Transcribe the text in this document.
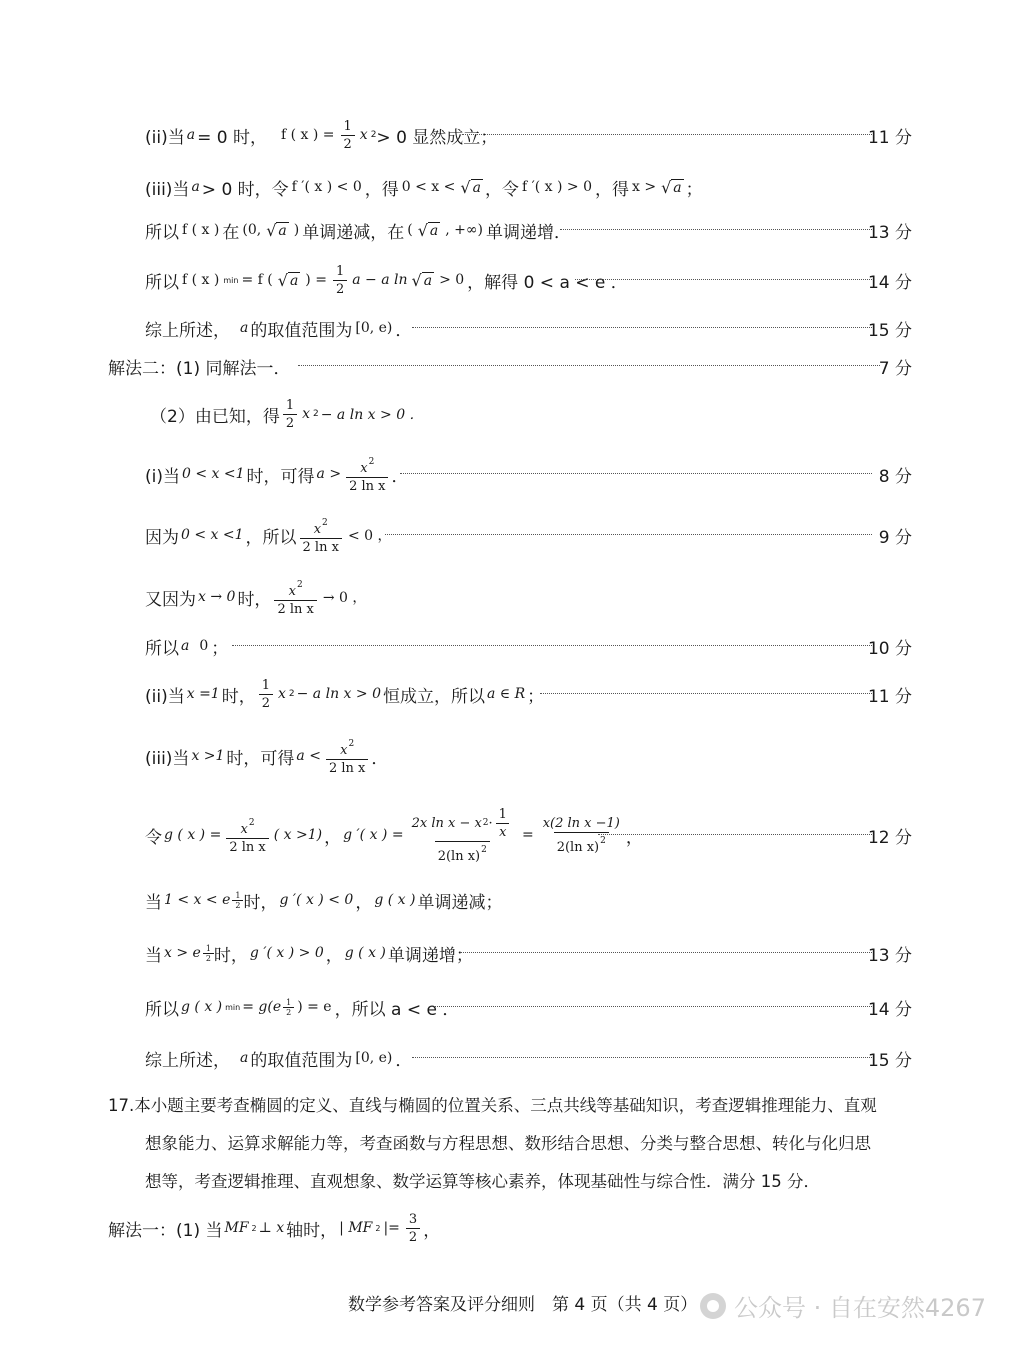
(ii)当 a = 0 时， f ( x ) = $\frac{1}{2}$ x 2 > 0 显然成立；	11 分
(iii)当 a > 0 时，令 f ′( x ) < 0 ，得 0 < x < √ a ，令 f ′( x ) > 0 ，得 x > √ a ；
所以 f ( x ) 在 (0, √ a ) 单调递减，在 ( √ a , +∞) 单调递增．	13 分
所以 f ( x ) min = f ( √ a ) = $\frac{1}{2}$ a − a ln √ a > 0 ，解得 0 < a < e ．	14 分
综上所述， a 的取值范围为 [0, e) ．	15 分
解法二：(1) 同解法一．	7 分
（2）由已知，得 $\frac{1}{2}$ x 2 − a ln x > 0 ．
(i)当 0 < x <1 时，可得 $a > \frac{x^2}{\text{2 ln x}}$ ．	8 分
因为 0 < x <1 ，所以 $\frac{x^2}{\text{2 ln x}} < 0$ ，	9 分
又因为 x → 0 时， $\frac{x^2}{\text{2 ln x}} \to 0$ ，
所以 a 0 ；	10 分
(ii)当 x =1 时， $\frac{1}{2}$ x 2 − a ln x > 0 恒成立，所以 a ∈ R ；	11 分
(iii)当 x >1 时，可得 $a < \frac{x^2}{\text{2 ln x}}$ ．
令 g ( x ) = $\frac{x^2}{\text{2 ln x}}$ ( x >1) ， g ′( x ) = $\frac{2x \ln x - x 2 \cdot \frac{1}{x}}{2(\ln x)^2} = \frac{\text{x(2 ln x −1)}}{2(\ln x)^2}$ ，	12 分
当 1 < x < e $\frac{1}{2}$ 时， g ′( x ) < 0 ， g ( x ) 单调递减；
当 x > e $\frac{1}{2}$ 时， g ′( x ) > 0 ， g ( x ) 单调递增；	13 分
所以 g ( x ) $\min = g(e \frac{1}{2}$ ) = e ，所以 a < e ．	14 分
综上所述， a 的取值范围为 [0, e) ．	15 分
17.本小题主要考查椭圆的定义、直线与椭圆的位置关系、三点共线等基础知识，考查逻辑推理能力、直观
想象能力、运算求解能力等，考查函数与方程思想、数形结合思想、分类与整合思想、转化与化归思
想等，考查逻辑推理、直观想象、数学运算等核心素养，体现基础性与综合性．满分 15 分．
解法一：(1) 当 MF 2 ⊥ x 轴时， | MF 2 |= $\frac{3}{2}$ ，
数学参考答案及评分细则　第 4 页（共 4 页） 公众号 · 自在安然4267
